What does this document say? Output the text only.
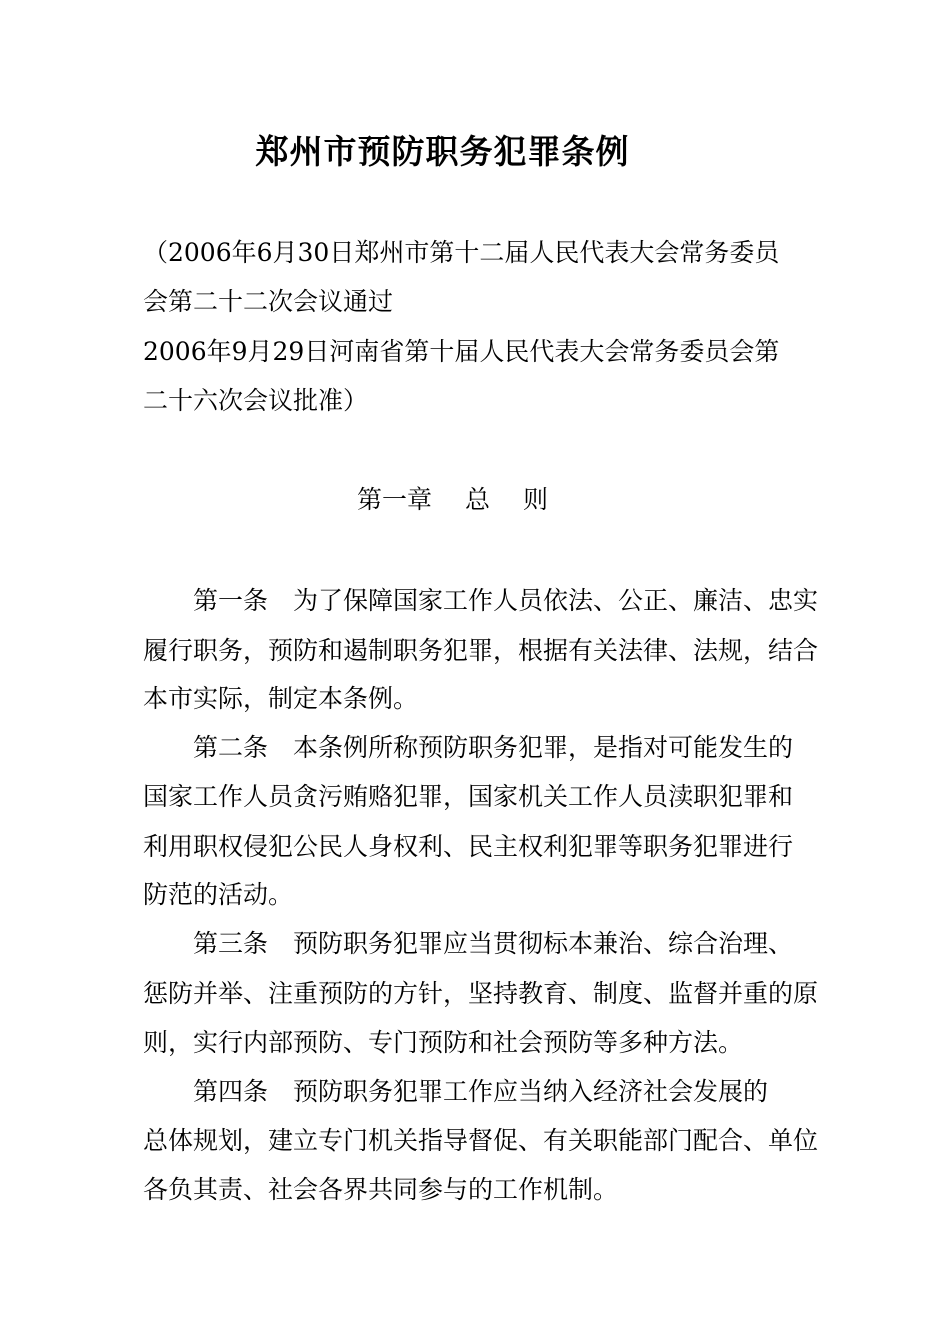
郑州市预防职务犯罪条例
（2006年6月30日郑州市第十二届人民代表大会常务委员
会第二十二次会议通过
2006年9月29日河南省第十届人民代表大会常务委员会第
二十六次会议批准）
第一章　 总　 则
第一条　为了保障国家工作人员依法、公正、廉洁、忠实
履行职务，预防和遏制职务犯罪，根据有关法律、法规，结合
本市实际，制定本条例。
第二条　本条例所称预防职务犯罪，是指对可能发生的
国家工作人员贪污贿赂犯罪，国家机关工作人员渎职犯罪和
利用职权侵犯公民人身权利、民主权利犯罪等职务犯罪进行
防范的活动。
第三条　预防职务犯罪应当贯彻标本兼治、综合治理、
惩防并举、注重预防的方针，坚持教育、制度、监督并重的原
则，实行内部预防、专门预防和社会预防等多种方法。
第四条　预防职务犯罪工作应当纳入经济社会发展的
总体规划，建立专门机关指导督促、有关职能部门配合、单位
各负其责、社会各界共同参与的工作机制。
